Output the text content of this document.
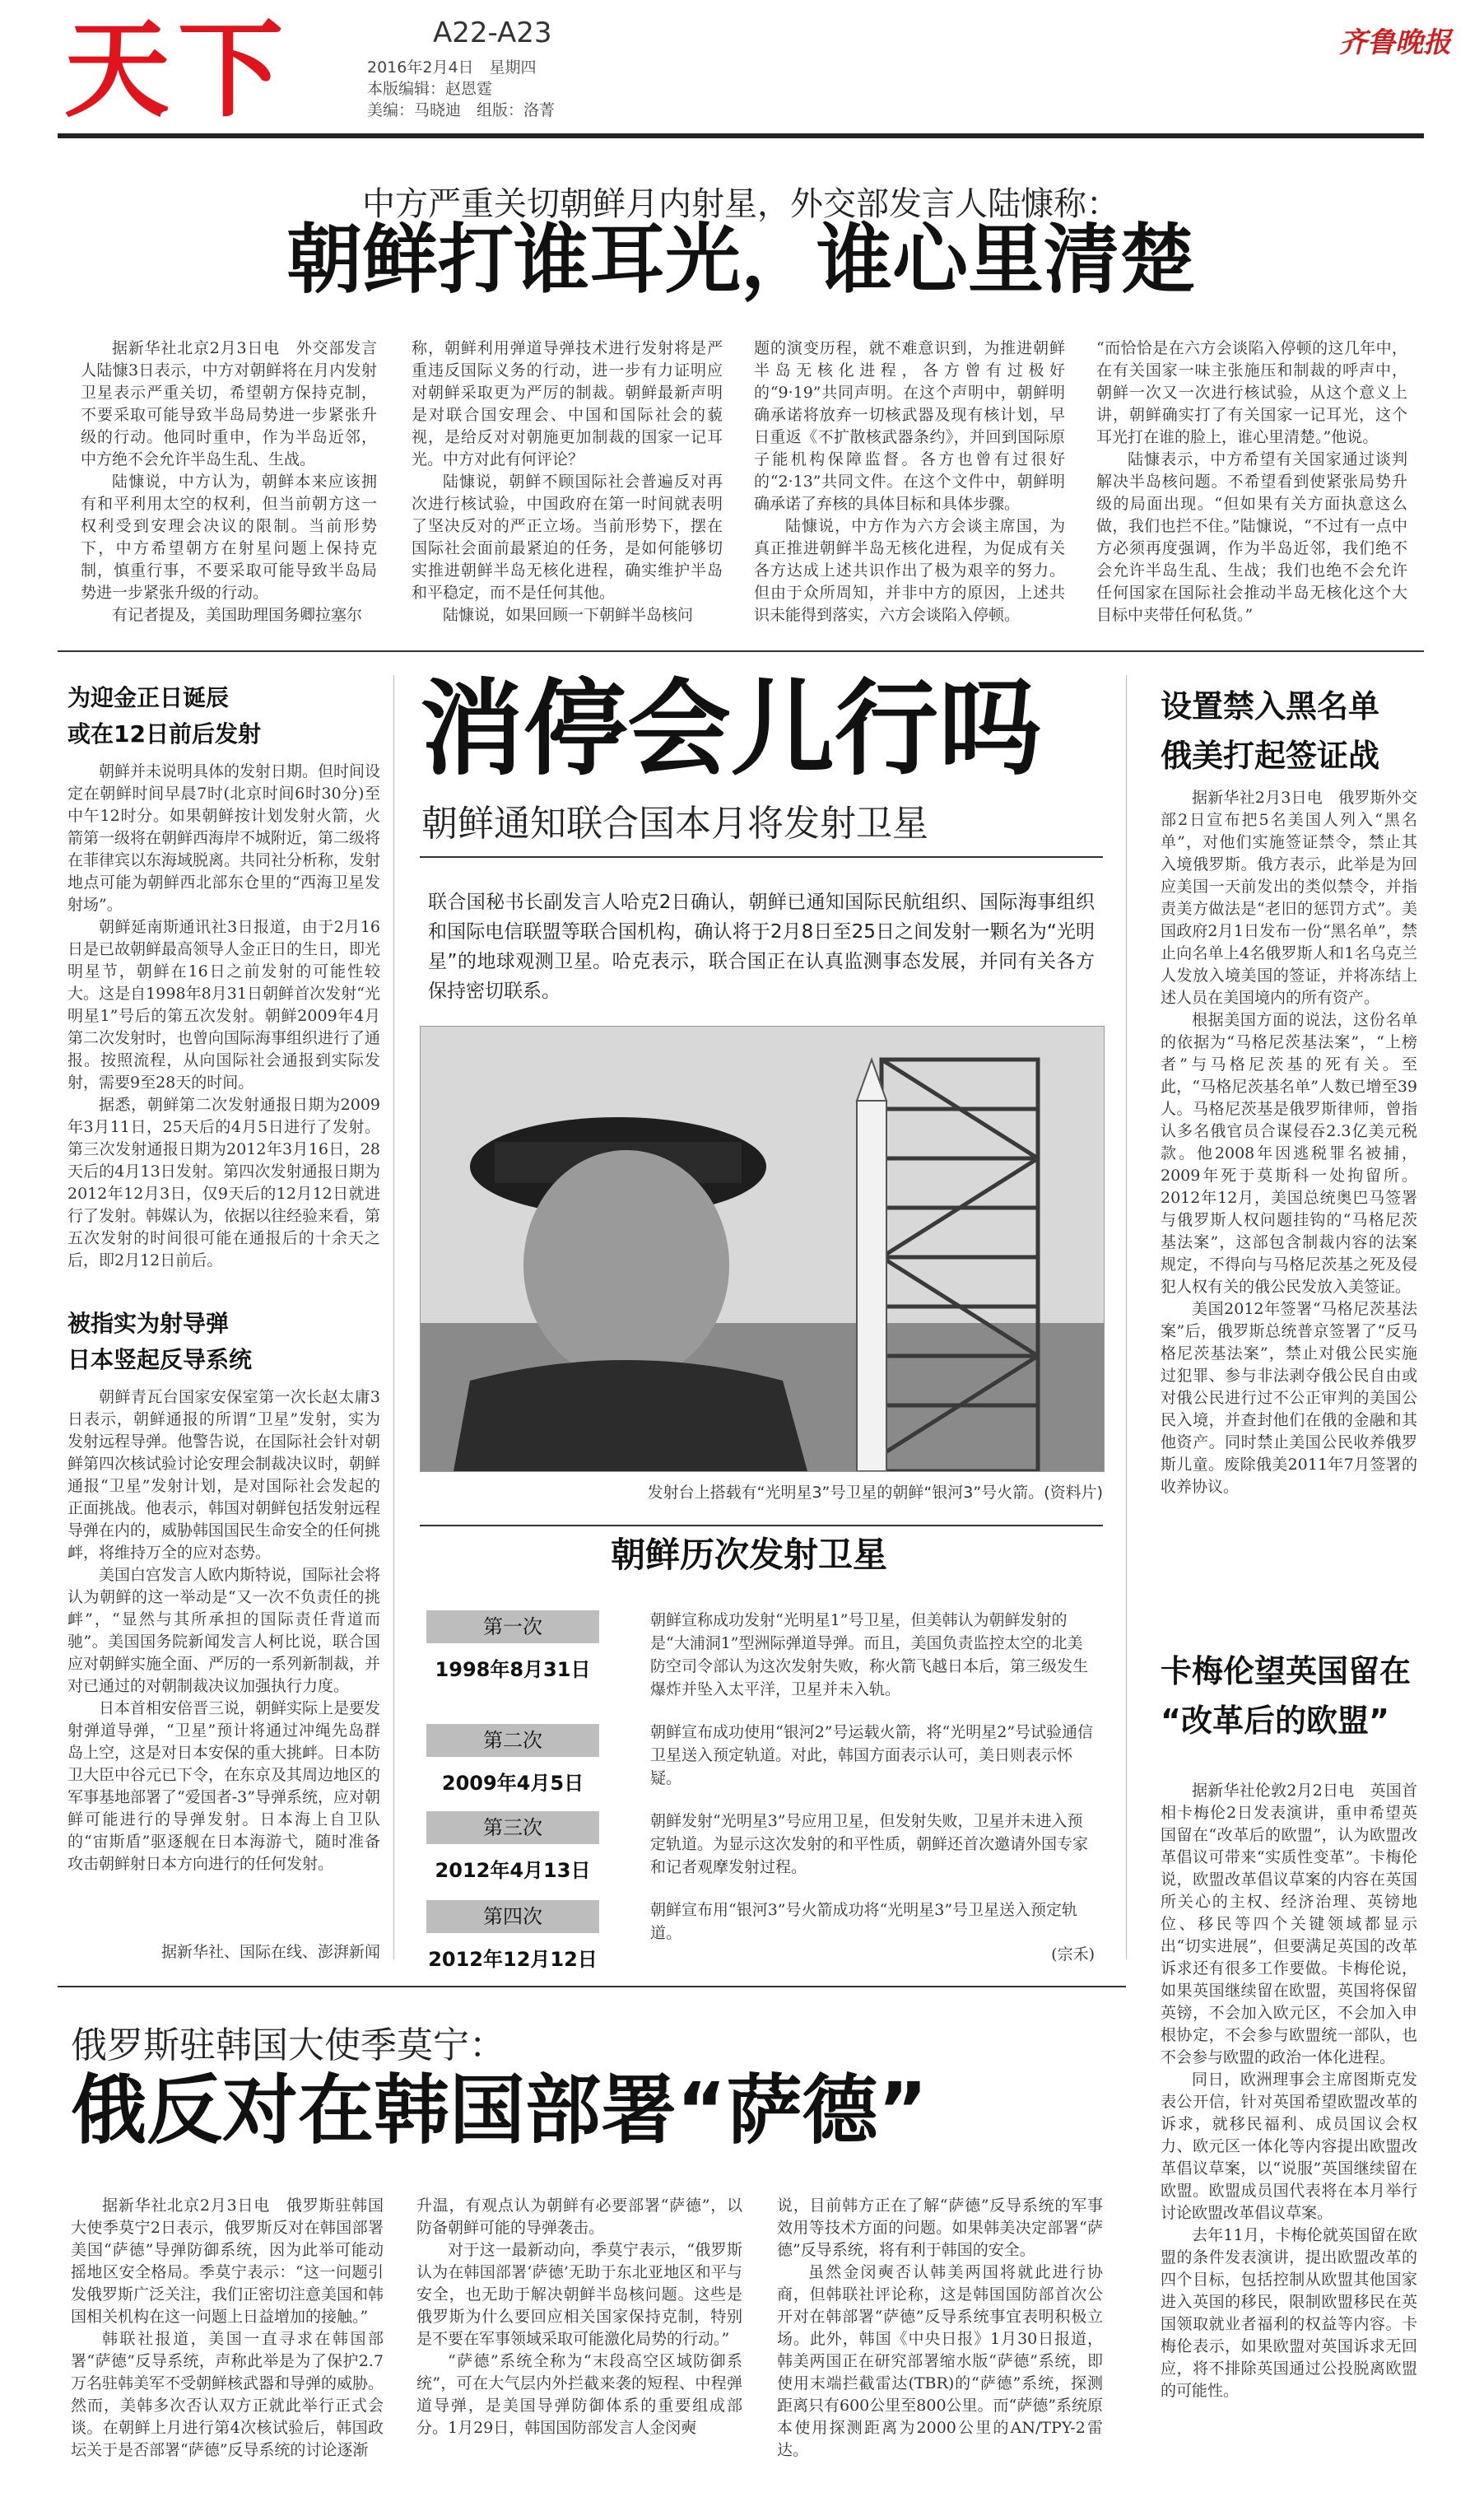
天下	A22-A23
2016年2月4日　星期四
本版编辑：赵恩霆
美编：马晓迪　组版：洛菁
齐鲁晚报
中方严重关切朝鲜月内射星，外交部发言人陆慷称：
朝鲜打谁耳光，谁心里清楚

据新华社北京2月3日电　外交部发言人陆慷3日表示，中方对朝鲜将在月内发射卫星表示严重关切，希望朝方保持克制，不要采取可能导致半岛局势进一步紧张升级的行动。他同时重申，作为半岛近邻，中方绝不会允许半岛生乱、生战。

陆慷说，中方认为，朝鲜本来应该拥有和平利用太空的权利，但当前朝方这一权利受到安理会决议的限制。当前形势下，中方希望朝方在射星问题上保持克制，慎重行事，不要采取可能导致半岛局势进一步紧张升级的行动。

有记者提及，美国助理国务卿拉塞尔

称，朝鲜利用弹道导弹技术进行发射将是严重违反国际义务的行动，进一步有力证明应对朝鲜采取更为严厉的制裁。朝鲜最新声明是对联合国安理会、中国和国际社会的藐视，是给反对对朝施更加制裁的国家一记耳光。中方对此有何评论？

陆慷说，朝鲜不顾国际社会普遍反对再次进行核试验，中国政府在第一时间就表明了坚决反对的严正立场。当前形势下，摆在国际社会面前最紧迫的任务，是如何能够切实推进朝鲜半岛无核化进程，确实维护半岛和平稳定，而不是任何其他。

陆慷说，如果回顾一下朝鲜半岛核问

题的演变历程，就不难意识到，为推进朝鲜半岛无核化进程，各方曾有过极好的“9·19”共同声明。在这个声明中，朝鲜明确承诺将放弃一切核武器及现有核计划，早日重返《不扩散核武器条约》，并回到国际原子能机构保障监督。各方也曾有过很好的“2·13”共同文件。在这个文件中，朝鲜明确承诺了弃核的具体目标和具体步骤。

陆慷说，中方作为六方会谈主席国，为真正推进朝鲜半岛无核化进程，为促成有关各方达成上述共识作出了极为艰辛的努力。但由于众所周知，并非中方的原因，上述共识未能得到落实，六方会谈陷入停顿。

“而恰恰是在六方会谈陷入停顿的这几年中，在有关国家一味主张施压和制裁的呼声中，朝鲜一次又一次进行核试验，从这个意义上讲，朝鲜确实打了有关国家一记耳光，这个耳光打在谁的脸上，谁心里清楚。”他说。

陆慷表示，中方希望有关国家通过谈判解决半岛核问题。不希望看到使紧张局势升级的局面出现。“但如果有关方面执意这么做，我们也拦不住。”陆慷说，“不过有一点中方必须再度强调，作为半岛近邻，我们绝不会允许半岛生乱、生战；我们也绝不会允许任何国家在国际社会推动半岛无核化这个大目标中夹带任何私货。”

为迎金正日诞辰
或在12日前后发射

朝鲜并未说明具体的发射日期。但时间设定在朝鲜时间早晨7时(北京时间6时30分)至中午12时分。如果朝鲜按计划发射火箭，火箭第一级将在朝鲜西海岸不城附近，第二级将在菲律宾以东海域脱离。共同社分析称，发射地点可能为朝鲜西北部东仓里的“西海卫星发射场”。

朝鲜延南斯通讯社3日报道，由于2月16日是已故朝鲜最高领导人金正日的生日，即光明星节，朝鲜在16日之前发射的可能性较大。这是自1998年8月31日朝鲜首次发射“光明星1”号后的第五次发射。朝鲜2009年4月第二次发射时，也曾向国际海事组织进行了通报。按照流程，从向国际社会通报到实际发射，需要9至28天的时间。

据悉，朝鲜第二次发射通报日期为2009年3月11日，25天后的4月5日进行了发射。第三次发射通报日期为2012年3月16日，28天后的4月13日发射。第四次发射通报日期为2012年12月3日，仅9天后的12月12日就进行了发射。韩媒认为，依据以往经验来看，第五次发射的时间很可能在通报后的十余天之后，即2月12日前后。

被指实为射导弹
日本竖起反导系统

朝鲜青瓦台国家安保室第一次长赵太庸3日表示，朝鲜通报的所谓“卫星”发射，实为发射远程导弹。他警告说，在国际社会针对朝鲜第四次核试验讨论安理会制裁决议时，朝鲜通报“卫星”发射计划，是对国际社会发起的正面挑战。他表示，韩国对朝鲜包括发射远程导弹在内的，威胁韩国国民生命安全的任何挑衅，将维持万全的应对态势。

美国白宫发言人欧内斯特说，国际社会将认为朝鲜的这一举动是“又一次不负责任的挑衅”，“显然与其所承担的国际责任背道而驰”。美国国务院新闻发言人柯比说，联合国应对朝鲜实施全面、严厉的一系列新制裁，并对已通过的对朝制裁决议加强执行力度。

日本首相安倍晋三说，朝鲜实际上是要发射弹道导弹，“卫星”预计将通过冲绳先岛群岛上空，这是对日本安保的重大挑衅。日本防卫大臣中谷元已下令，在东京及其周边地区的军事基地部署了“爱国者-3”导弹系统，应对朝鲜可能进行的导弹发射。日本海上自卫队的“宙斯盾”驱逐舰在日本海游弋，随时准备攻击朝鲜射日本方向进行的任何发射。

据新华社、国际在线、澎湃新闻
消停会儿行吗
朝鲜通知联合国本月将发射卫星
联合国秘书长副发言人哈克2日确认，朝鲜已通知国际民航组织、国际海事组织和国际电信联盟等联合国机构，确认将于2月8日至25日之间发射一颗名为“光明星”的地球观测卫星。哈克表示，联合国正在认真监测事态发展，并同有关各方保持密切联系。
发射台上搭载有“光明星3”号卫星的朝鲜“银河3”号火箭。(资料片)
朝鲜历次发射卫星
第一次
1998年8月31日
朝鲜宣称成功发射“光明星1”号卫星，但美韩认为朝鲜发射的是“大浦洞1”型洲际弹道导弹。而且，美国负责监控太空的北美防空司令部认为这次发射失败，称火箭飞越日本后，第三级发生爆炸并坠入太平洋，卫星并未入轨。
第二次
2009年4月5日
朝鲜宣布成功使用“银河2”号运载火箭，将“光明星2”号试验通信卫星送入预定轨道。对此，韩国方面表示认可，美日则表示怀疑。
第三次
2012年4月13日
朝鲜发射“光明星3”号应用卫星，但发射失败，卫星并未进入预定轨道。为显示这次发射的和平性质，朝鲜还首次邀请外国专家和记者观摩发射过程。
第四次
2012年12月12日
朝鲜宣布用“银河3”号火箭成功将“光明星3”号卫星送入预定轨道。
(宗禾)
设置禁入黑名单
俄美打起签证战

据新华社2月3日电　俄罗斯外交部2日宣布把5名美国人列入“黑名单”，对他们实施签证禁令，禁止其入境俄罗斯。俄方表示，此举是为回应美国一天前发出的类似禁令，并指责美方做法是“老旧的惩罚方式”。美国政府2月1日发布一份“黑名单”，禁止向名单上4名俄罗斯人和1名乌克兰人发放入境美国的签证，并将冻结上述人员在美国境内的所有资产。

根据美国方面的说法，这份名单的依据为“马格尼茨基法案”，“上榜者”与马格尼茨基的死有关。至此，“马格尼茨基名单”人数已增至39人。马格尼茨基是俄罗斯律师，曾指认多名俄官员合谋侵吞2.3亿美元税款。他2008年因逃税罪名被捕，2009年死于莫斯科一处拘留所。2012年12月，美国总统奥巴马签署与俄罗斯人权问题挂钩的“马格尼茨基法案”，这部包含制裁内容的法案规定，不得向与马格尼茨基之死及侵犯人权有关的俄公民发放入美签证。

美国2012年签署“马格尼茨基法案”后，俄罗斯总统普京签署了“反马格尼茨基法案”，禁止对俄公民实施过犯罪、参与非法剥夺俄公民自由或对俄公民进行过不公正审判的美国公民入境，并查封他们在俄的金融和其他资产。同时禁止美国公民收养俄罗斯儿童。废除俄美2011年7月签署的收养协议。

卡梅伦望英国留在
“改革后的欧盟”

据新华社伦敦2月2日电　英国首相卡梅伦2日发表演讲，重申希望英国留在“改革后的欧盟”，认为欧盟改革倡议可带来“实质性变革”。卡梅伦说，欧盟改革倡议草案的内容在英国所关心的主权、经济治理、英镑地位、移民等四个关键领域都显示出“切实进展”，但要满足英国的改革诉求还有很多工作要做。卡梅伦说，如果英国继续留在欧盟，英国将保留英镑，不会加入欧元区，不会加入申根协定，不会参与欧盟统一部队，也不会参与欧盟的政治一体化进程。

同日，欧洲理事会主席图斯克发表公开信，针对英国希望欧盟改革的诉求，就移民福利、成员国议会权力、欧元区一体化等内容提出欧盟改革倡议草案，以“说服”英国继续留在欧盟。欧盟成员国代表将在本月举行讨论欧盟改革倡议草案。

去年11月，卡梅伦就英国留在欧盟的条件发表演讲，提出欧盟改革的四个目标，包括控制从欧盟其他国家进入英国的移民，限制欧盟移民在英国领取就业者福利的权益等内容。卡梅伦表示，如果欧盟对英国诉求无回应，将不排除英国通过公投脱离欧盟的可能性。

俄罗斯驻韩国大使季莫宁：
俄反对在韩国部署“萨德”

据新华社北京2月3日电　俄罗斯驻韩国大使季莫宁2日表示，俄罗斯反对在韩国部署美国“萨德”导弹防御系统，因为此举可能动摇地区安全格局。季莫宁表示：“这一问题引发俄罗斯广泛关注，我们正密切注意美国和韩国相关机构在这一问题上日益增加的接触。”

韩联社报道，美国一直寻求在韩国部署“萨德”反导系统，声称此举是为了保护2.7万名驻韩美军不受朝鲜核武器和导弹的威胁。然而，美韩多次否认双方正就此举行正式会谈。在朝鲜上月进行第4次核试验后，韩国政坛关于是否部署“萨德”反导系统的讨论逐渐

升温，有观点认为朝鲜有必要部署“萨德”，以防备朝鲜可能的导弹袭击。

对于这一最新动向，季莫宁表示，“俄罗斯认为在韩国部署‘萨德’无助于东北亚地区和平与安全，也无助于解决朝鲜半岛核问题。这些是俄罗斯为什么要回应相关国家保持克制，特别是不要在军事领域采取可能激化局势的行动。”

“萨德”系统全称为“末段高空区域防御系统”，可在大气层内外拦截来袭的短程、中程弹道导弹，是美国导弹防御体系的重要组成部分。1月29日，韩国国防部发言人金闵奭

说，目前韩方正在了解“萨德”反导系统的军事效用等技术方面的问题。如果韩美决定部署“萨德”反导系统，将有利于韩国的安全。

虽然金闵奭否认韩美两国将就此进行协商，但韩联社评论称，这是韩国国防部首次公开对在韩部署“萨德”反导系统事宜表明积极立场。此外，韩国《中央日报》1月30日报道，韩美两国正在研究部署缩水版“萨德”系统，即使用末端拦截雷达(TBR)的“萨德”系统，探测距离只有600公里至800公里。而“萨德”系统原本使用探测距离为2000公里的AN/TPY-2雷达。
